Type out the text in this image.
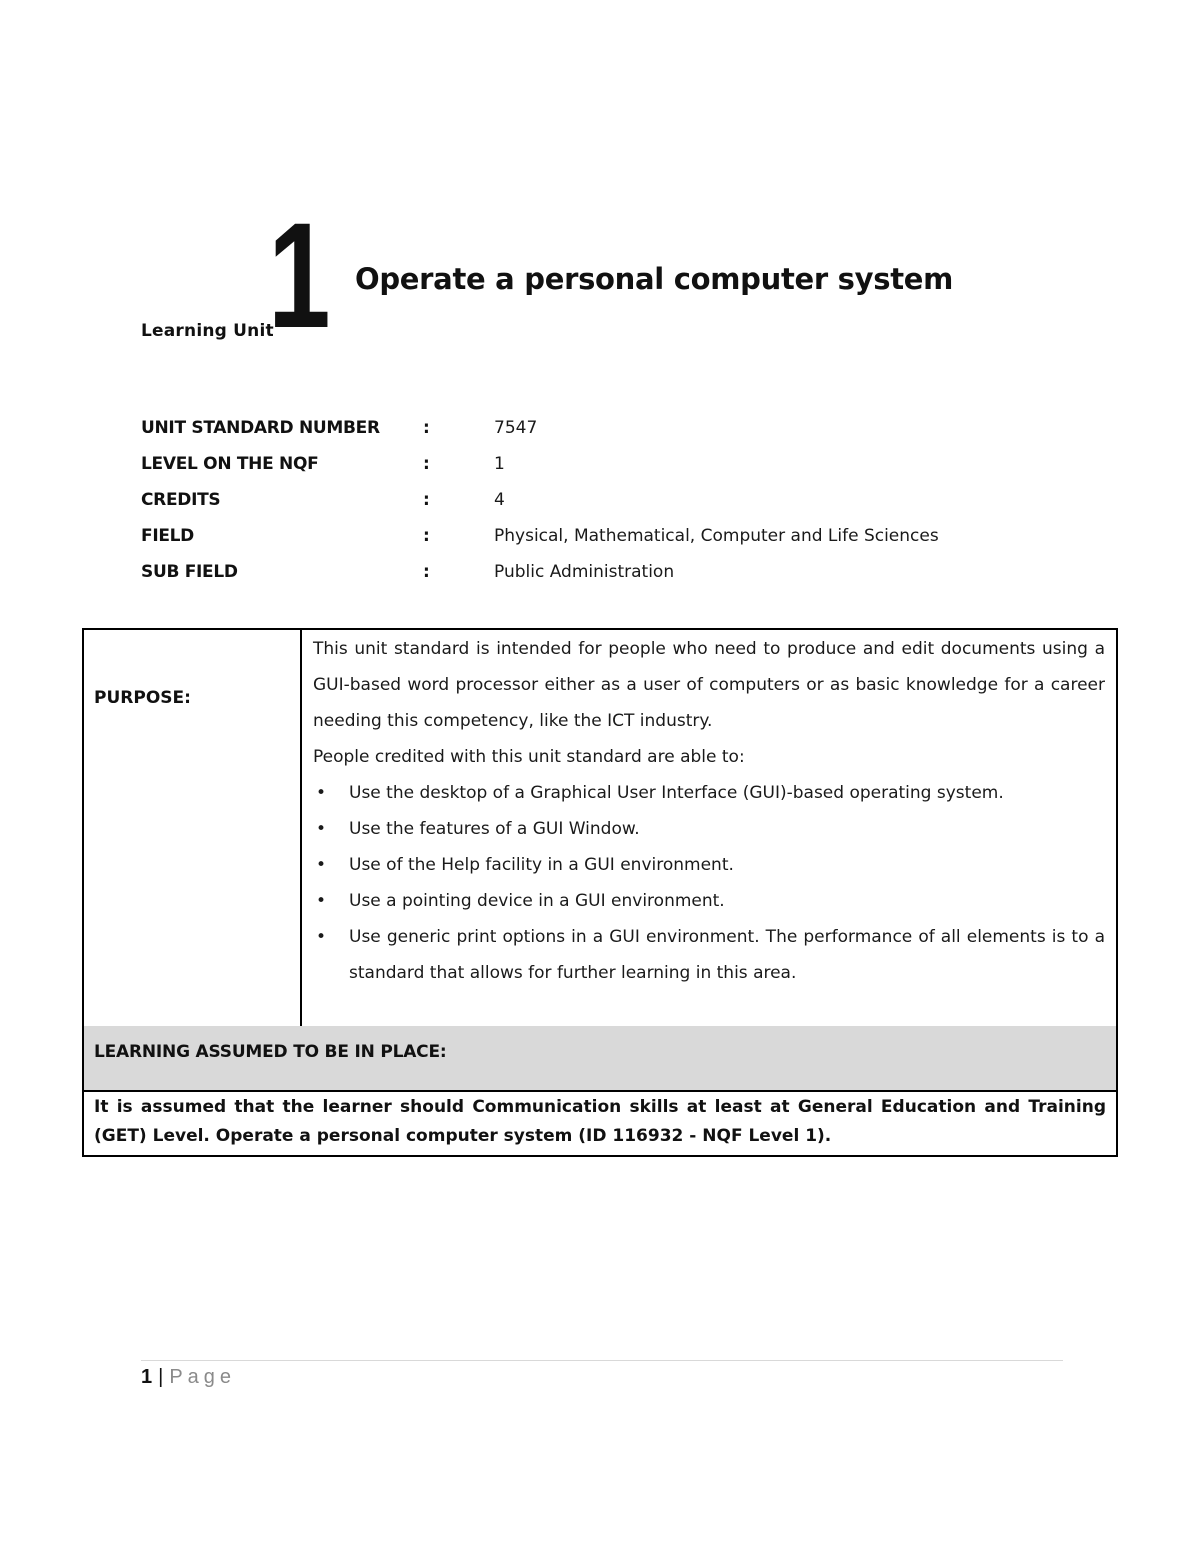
Learning Unit
1 Operate a personal computer system
UNIT STANDARD NUMBER	:	7547
LEVEL ON THE NQF	:	1
CREDITS	:	4
FIELD	:	Physical, Mathematical, Computer and Life Sciences
SUB FIELD	:	Public Administration
PURPOSE:

This unit standard is intended for people who need to produce and edit documents using a GUI-based word processor either as a user of computers or as basic knowledge for a career needing this competency, like the ICT industry.

People credited with this unit standard are able to:

• Use the desktop of a Graphical User Interface (GUI)-based operating system.
• Use the features of a GUI Window.
• Use of the Help facility in a GUI environment.
• Use a pointing device in a GUI environment.
• Use generic print options in a GUI environment. The performance of all elements is to a standard that allows for further learning in this area.
LEARNING ASSUMED TO BE IN PLACE:
It is assumed that the learner should Communication skills at least at General Education and Training (GET) Level. Operate a personal computer system (ID 116932 - NQF Level 1).
1 | Page
